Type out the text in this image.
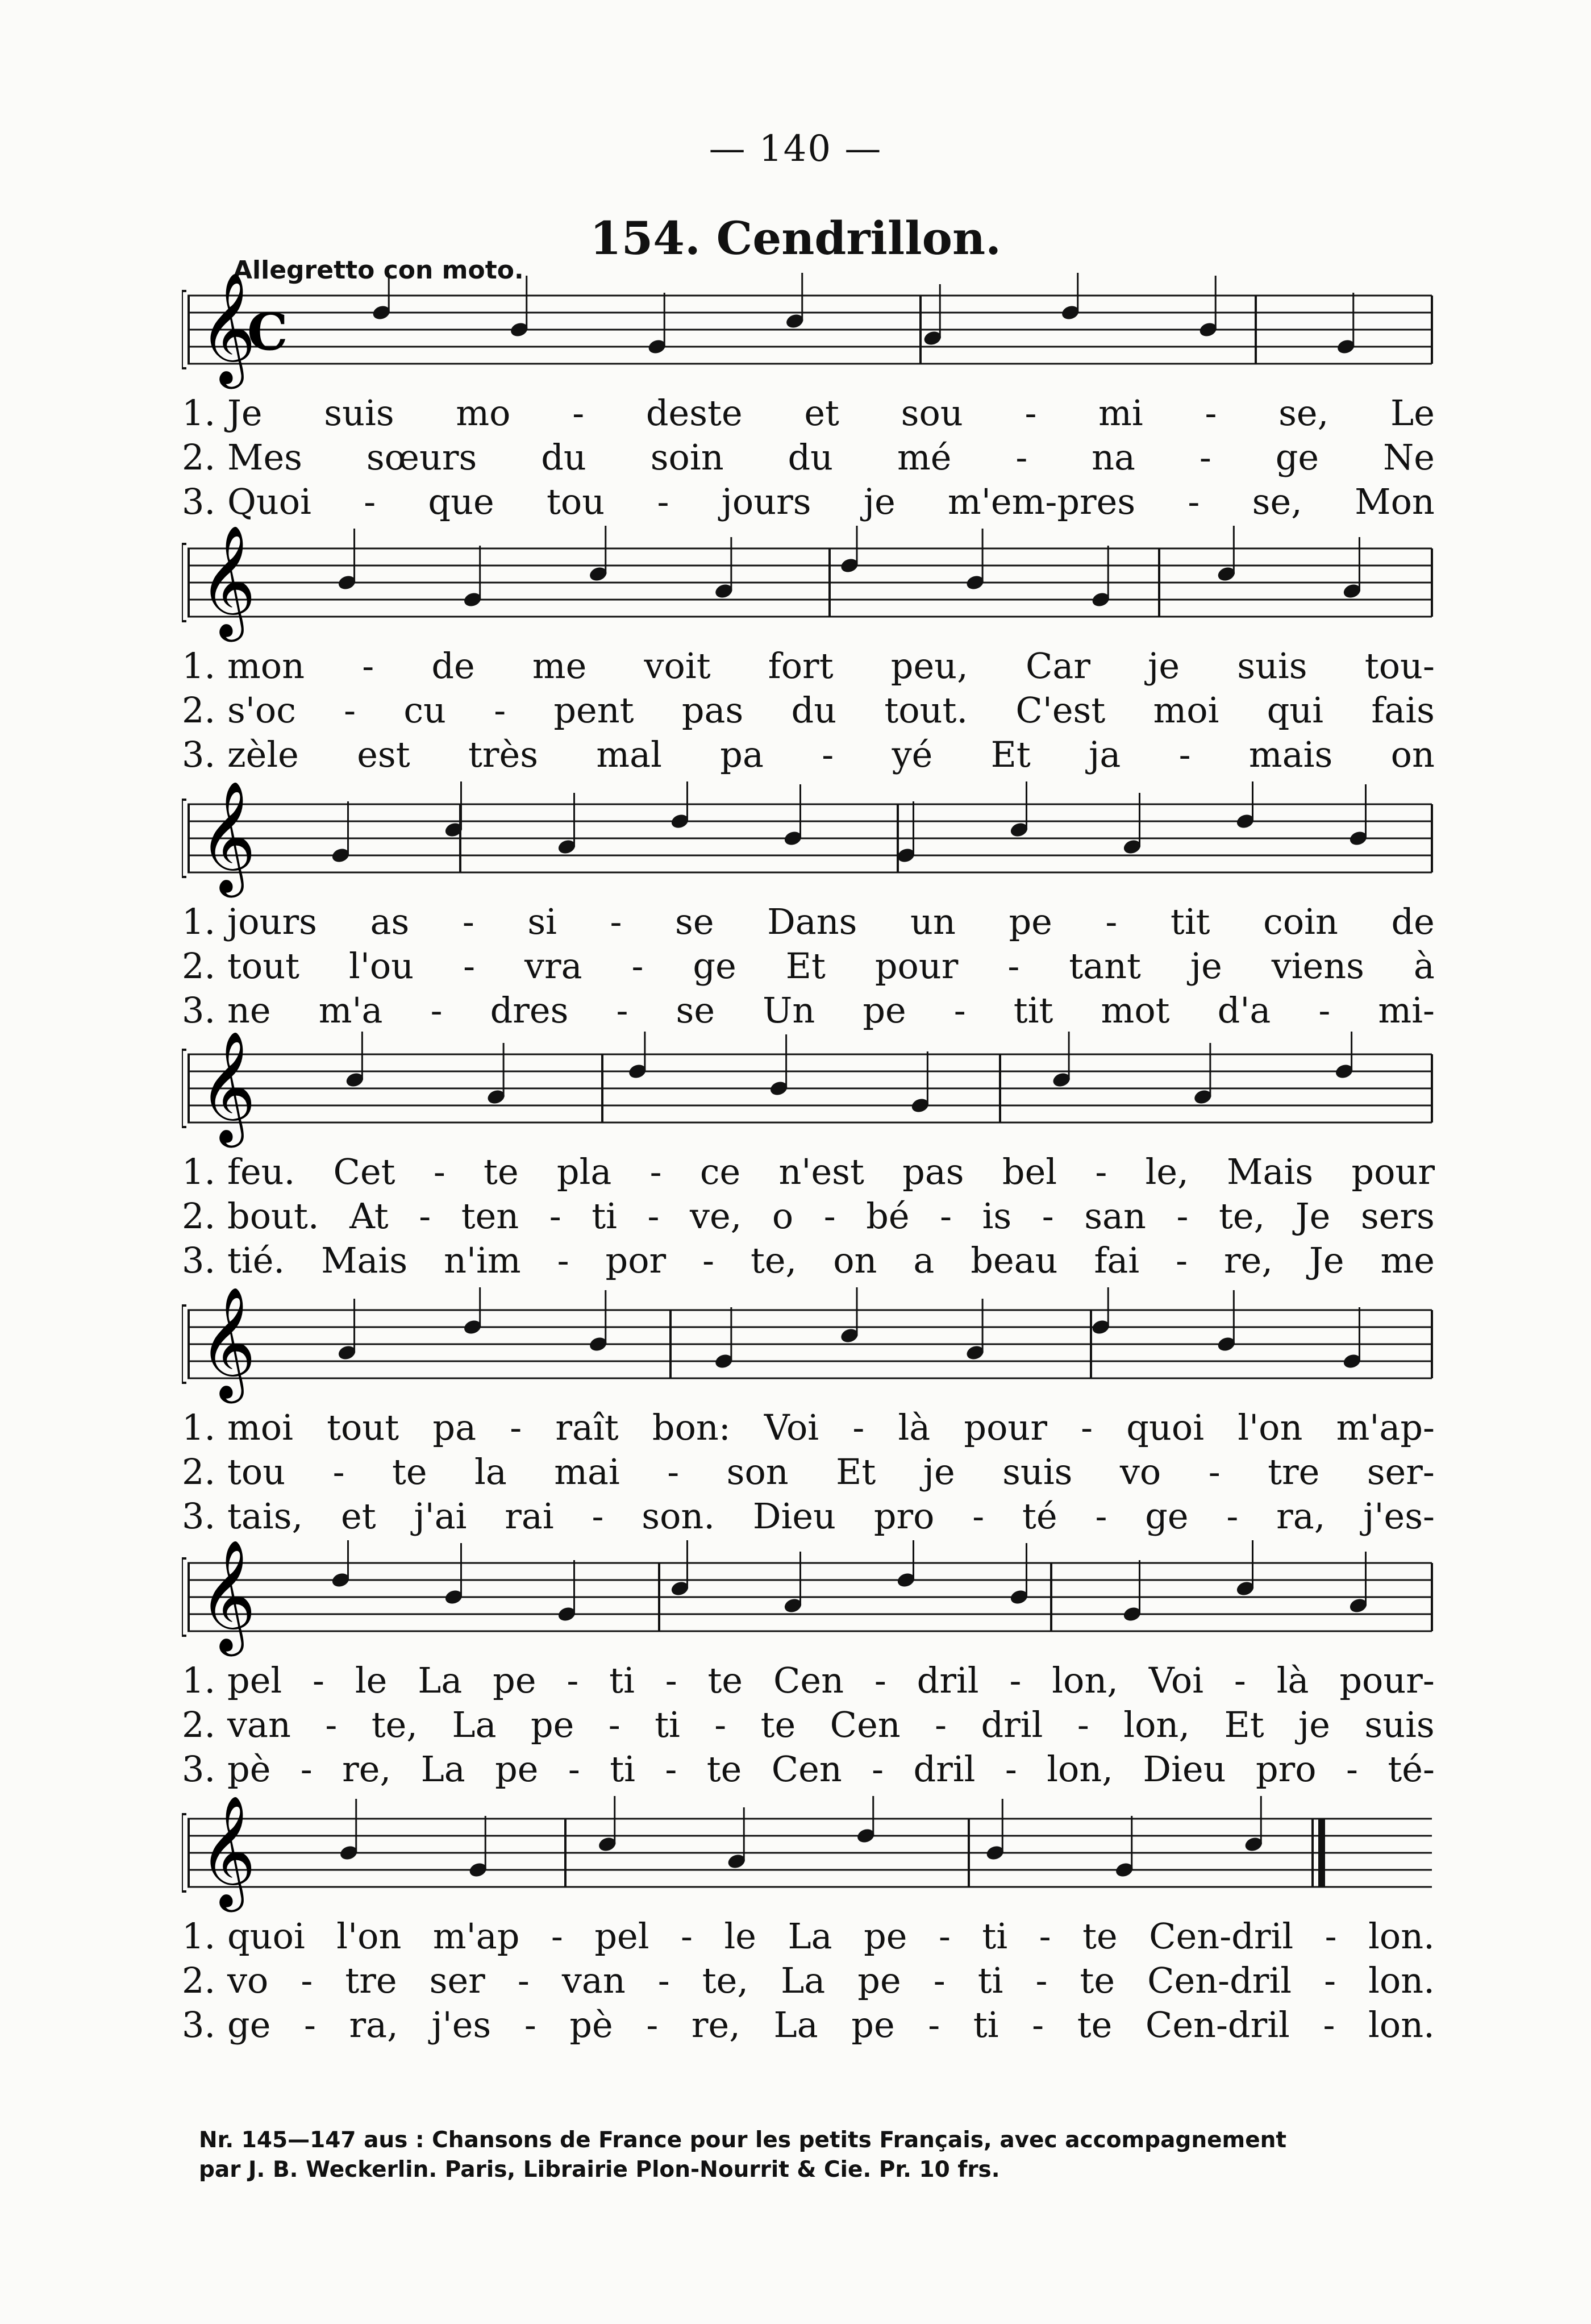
— 140 —
154. Cendrillon.
Allegretto con moto.
𝄞
C
1. Je suis mo - deste et sou - mi - se, Le
2. Mes sœurs du soin du mé - na - ge Ne
3. Quoi - que tou - jours je m'em-pres - se, Mon
𝄞
1. mon - de me voit fort peu, Car je suis tou-
2. s'oc - cu - pent pas du tout. C'est moi qui fais
3. zèle est très mal pa - yé Et ja - mais on
𝄞
1. jours as - si - se Dans un pe - tit coin de
2. tout l'ou - vra - ge Et pour - tant je viens à
3. ne m'a - dres - se Un pe - tit mot d'a - mi-
𝄞
1. feu. Cet - te pla - ce n'est pas bel - le, Mais pour
2. bout. At - ten - ti - ve, o - bé - is - san - te, Je sers
3. tié. Mais n'im - por - te, on a beau fai - re, Je me
𝄞
1. moi tout pa - raît bon: Voi - là pour - quoi l'on m'ap-
2. tou - te la mai - son Et je suis vo - tre ser-
3. tais, et j'ai rai - son. Dieu pro - té - ge - ra, j'es-
𝄞
1. pel - le La pe - ti - te Cen - dril - lon, Voi - là pour-
2. van - te, La pe - ti - te Cen - dril - lon, Et je suis
3. pè - re, La pe - ti - te Cen - dril - lon, Dieu pro - té-
𝄞
1. quoi l'on m'ap - pel - le La pe - ti - te Cen-dril - lon.
2. vo - tre ser - van - te, La pe - ti - te Cen-dril - lon.
3. ge - ra, j'es - pè - re, La pe - ti - te Cen-dril - lon.
Nr. 145—147 aus : Chansons de France pour les petits Français, avec accompagnement
par J. B. Weckerlin. Paris, Librairie Plon-Nourrit & Cie. Pr. 10 frs.
